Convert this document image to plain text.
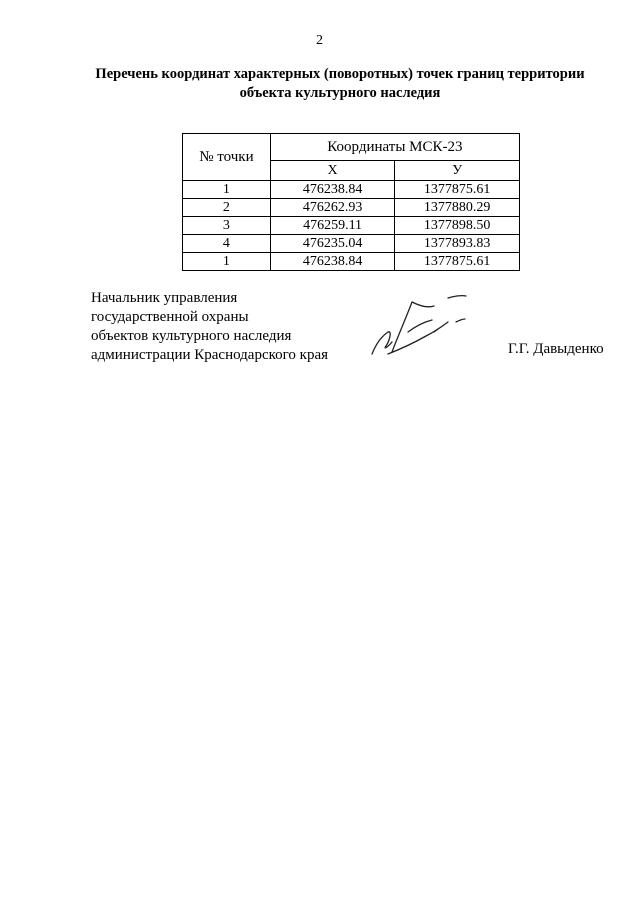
2
Перечень координат характерных (поворотных) точек границ территории
объекта культурного наследия
№ точки	Координаты МСК-23	
	Х	У
1	476238.84	1377875.61
2	476262.93	1377880.29
3	476259.11	1377898.50
4	476235.04	1377893.83
1	476238.84	1377875.61
Начальник управления
государственной охраны
объектов культурного наследия
администрации Краснодарского края	Г.Г. Давыденко
